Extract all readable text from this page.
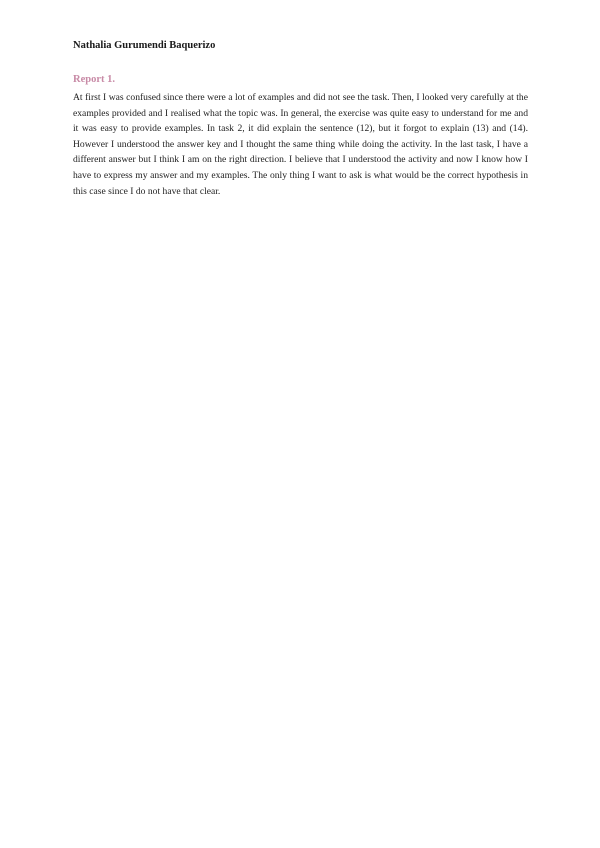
Nathalia Gurumendi Baquerizo

Report 1.

At first I was confused since there were a lot of examples and did not see the task. Then, I looked very carefully at the examples provided and I realised what the topic was. In general, the exercise was quite easy to understand for me and it was easy to provide examples. In task 2, it did explain the sentence (12), but it forgot to explain (13) and (14). However I understood the answer key and I thought the same thing while doing the activity. In the last task, I have a different answer but I think I am on the right direction. I believe that I understood the activity and now I know how I have to express my answer and my examples. The only thing I want to ask is what would be the correct hypothesis in this case since I do not have that clear.
